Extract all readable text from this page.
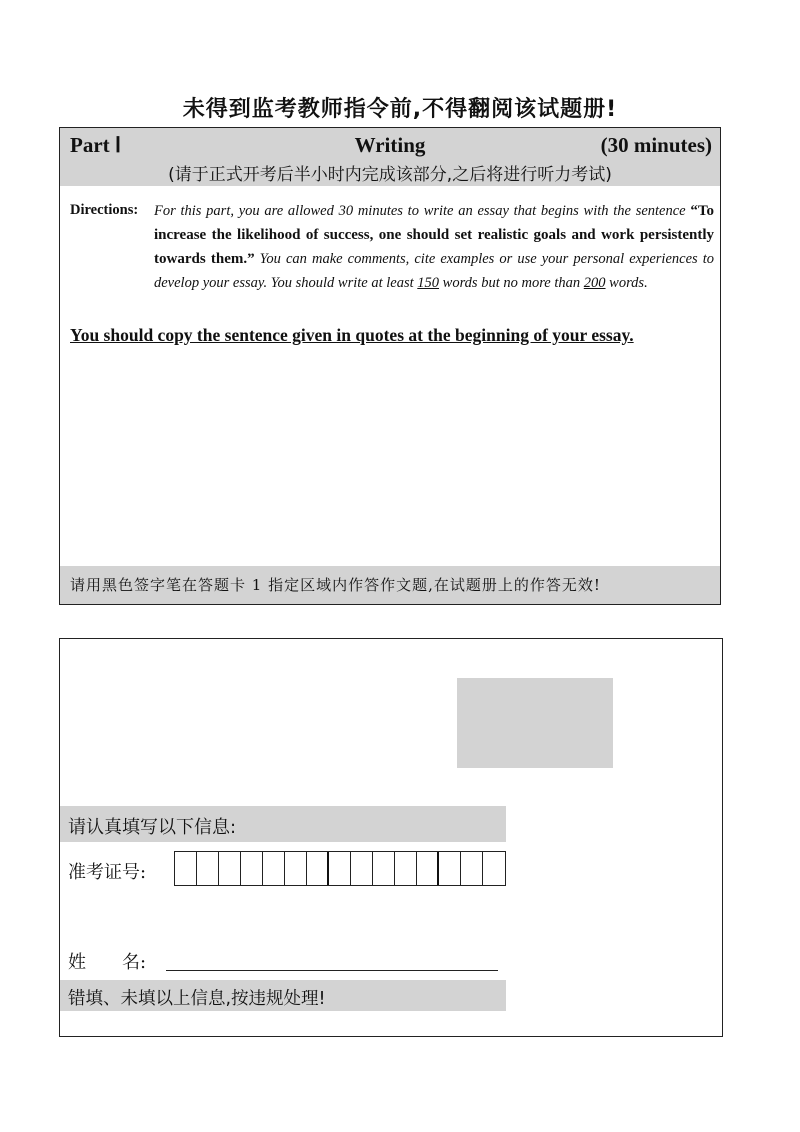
未得到监考教师指令前,不得翻阅该试题册!
Writing
Part Ⅰ	(30 minutes)
(请于正式开考后半小时内完成该部分,之后将进行听力考试)
Directions: For this part, you are allowed 30 minutes to write an essay that begins with the sentence “To increase the likelihood of success, one should set realistic goals and work persistently towards them.” You can make comments, cite examples or use your personal experiences to develop your essay. You should write at least 150 words but no more than 200 words.
You should copy the sentence given in quotes at the beginning of your essay.
请用黑色签字笔在答题卡 1 指定区域内作答作文题,在试题册上的作答无效!
请认真填写以下信息:
准考证号:
姓　　名:
错填、未填以上信息,按违规处理!
